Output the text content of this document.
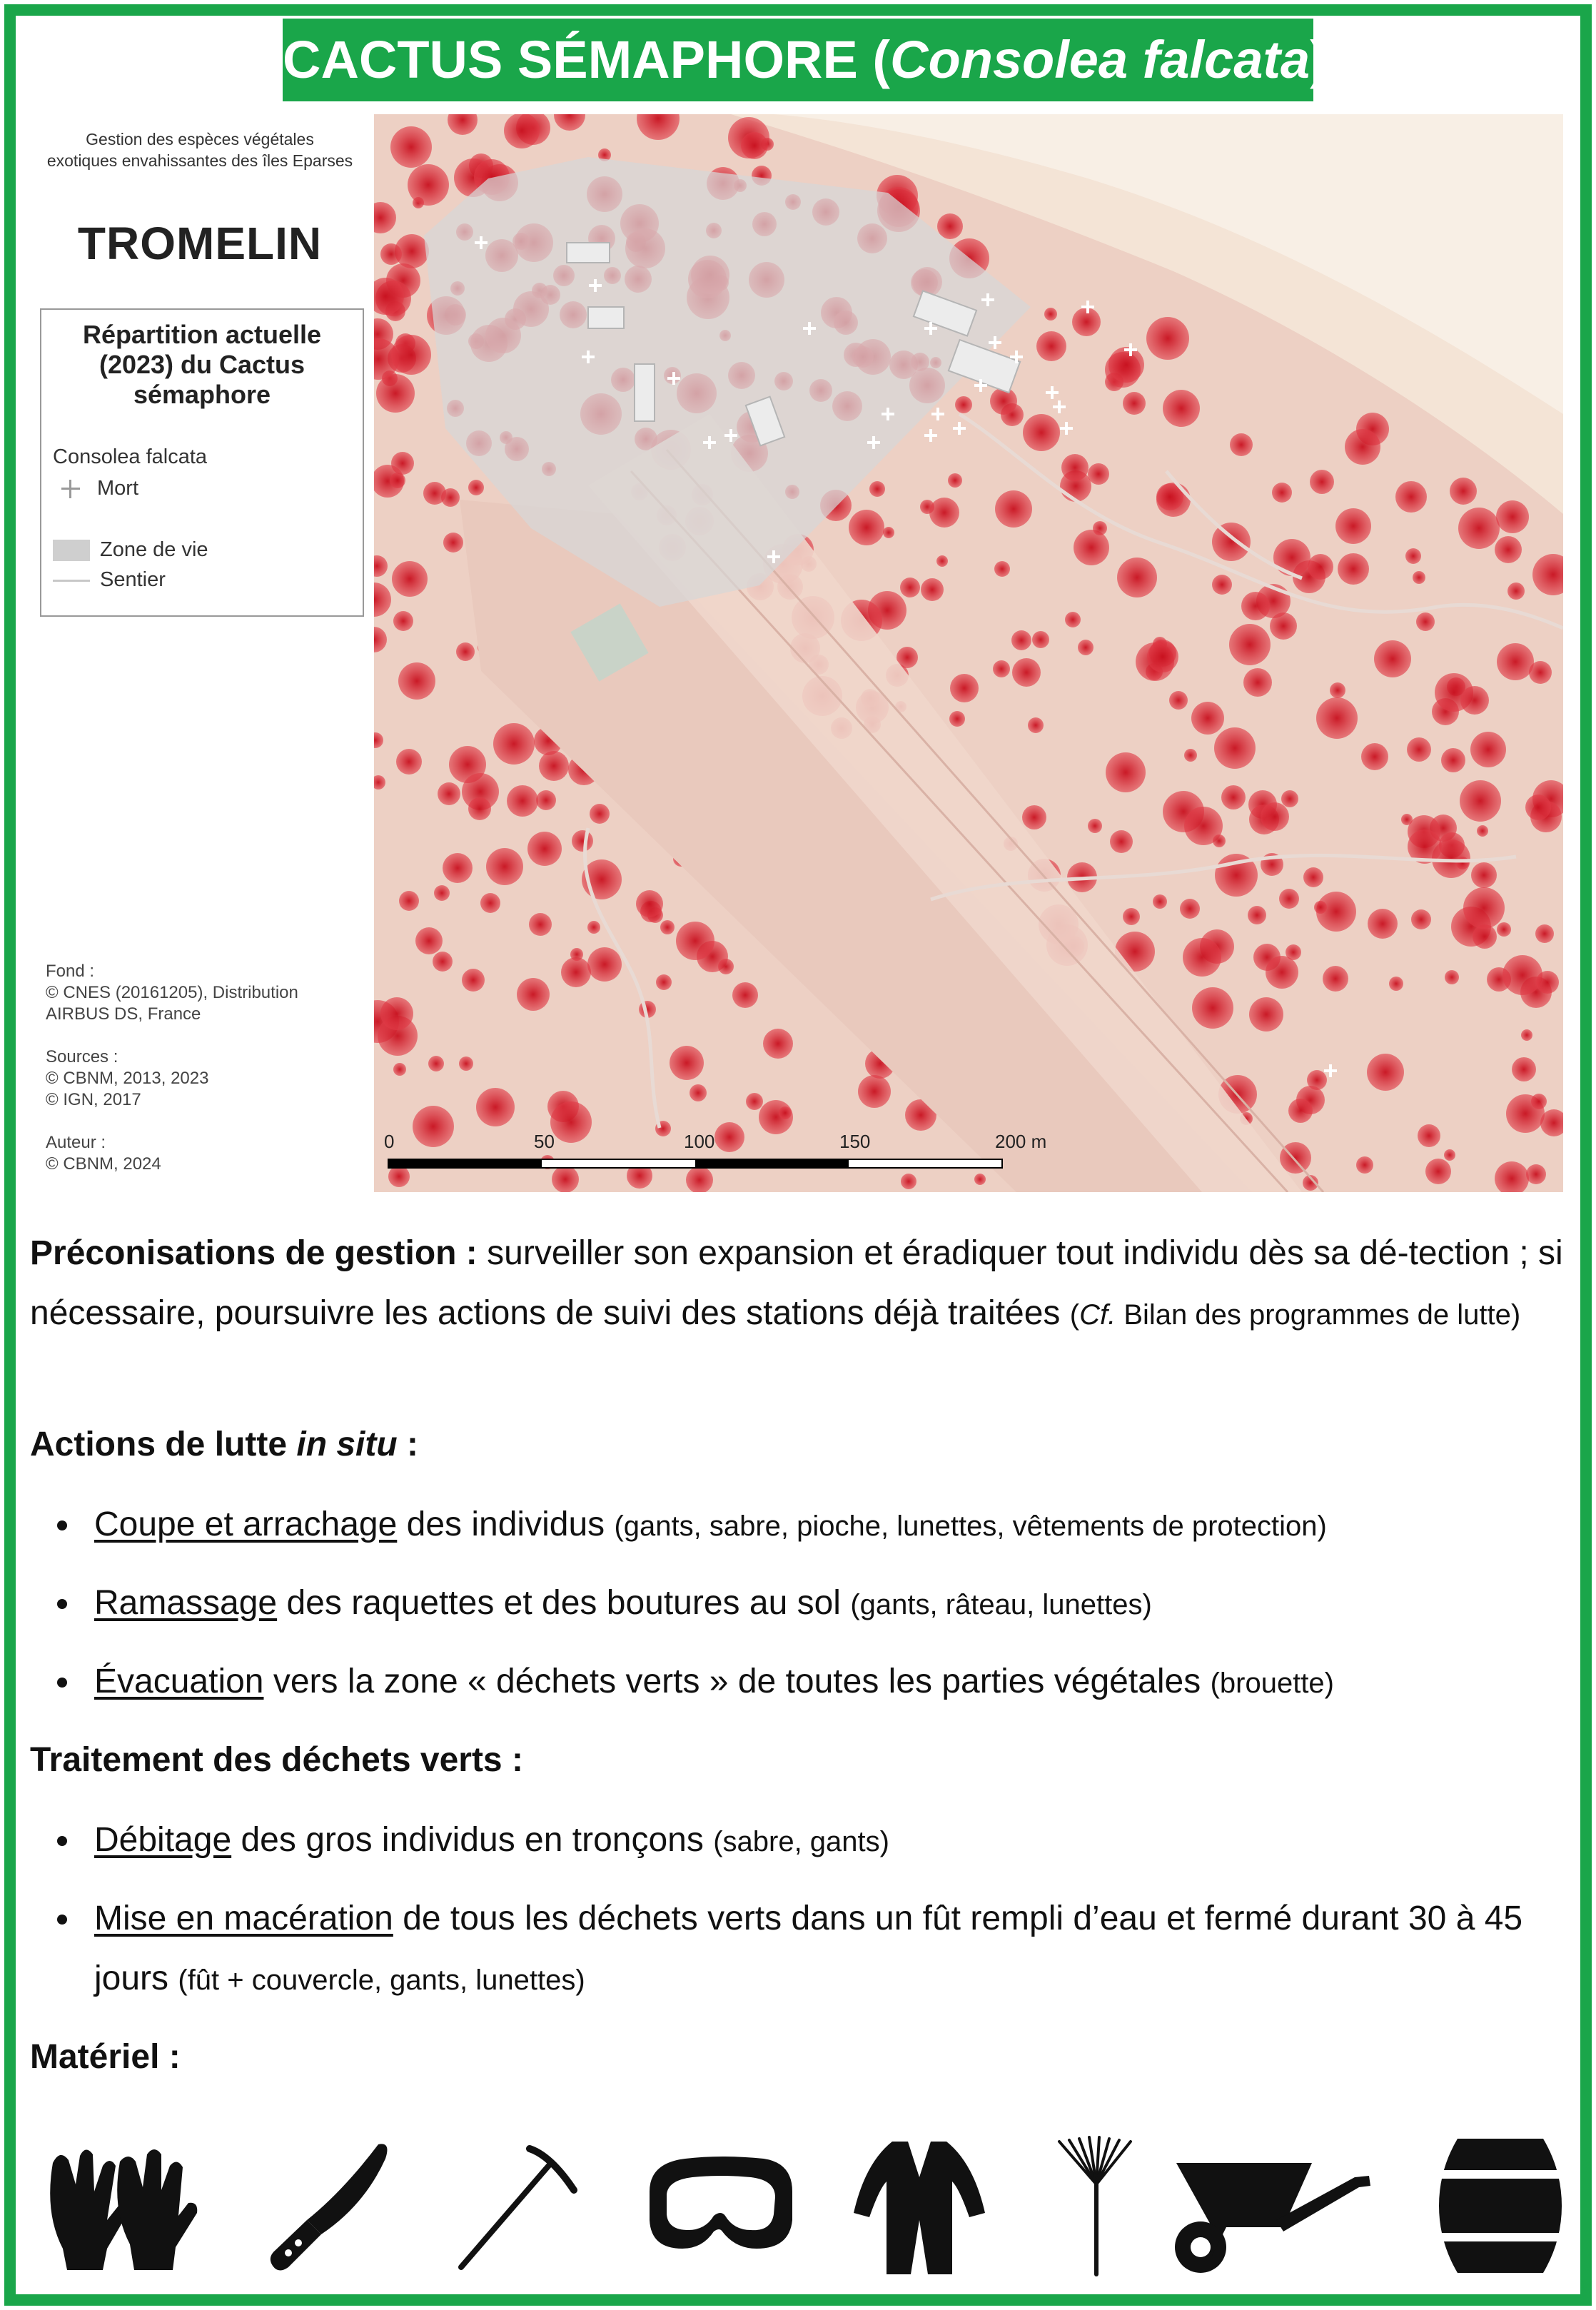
CACTUS SÉMAPHORE (Consolea falcata)
Gestion des espèces végétales
exotiques envahissantes des îles Eparses
TROMELIN
Répartition actuelle (2023) du Cactus sémaphore
Consolea falcata
Mort
Zone de vie
Sentier
Fond :
© CNES (20161205), Distribution
AIRBUS DS, France
Sources :
© CBNM, 2013, 2023
© IGN, 2017
Auteur :
© CBNM, 2024
0	50	100	150	200 m
Préconisations de gestion : surveiller son expansion et éradiquer tout individu dès sa dé-tection ; si nécessaire, poursuivre les actions de suivi des stations déjà traitées (Cf. Bilan des programmes de lutte)
Actions de lutte in situ :
Coupe et arrachage des individus (gants, sabre, pioche, lunettes, vêtements de protection)
Ramassage des raquettes et des boutures au sol (gants, râteau, lunettes)
Évacuation vers la zone « déchets verts » de toutes les parties végétales (brouette)
Traitement des déchets verts :
Débitage des gros individus en tronçons (sabre, gants)
Mise en macération de tous les déchets verts dans un fût rempli d’eau et fermé durant 30 à 45 jours (fût + couvercle, gants, lunettes)
Matériel :
